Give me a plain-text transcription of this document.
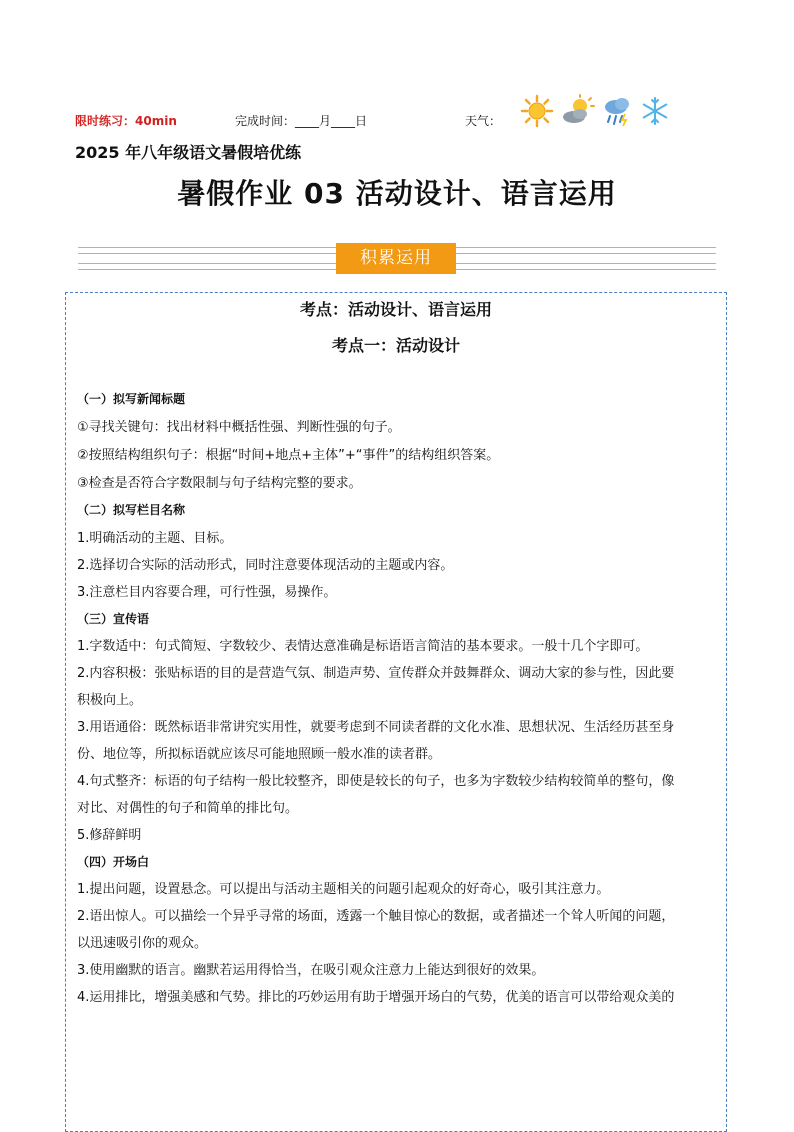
限时练习：40min	完成时间：____月____日	天气：
2025 年八年级语文暑假培优练
暑假作业 03 活动设计、语言运用
积累运用
考点：活动设计、语言运用
考点一：活动设计
（一）拟写新闻标题
①寻找关键句：找出材料中概括性强、判断性强的句子。
②按照结构组织句子：根据“时间+地点+主体”+“事件”的结构组织答案。
③检查是否符合字数限制与句子结构完整的要求。
（二）拟写栏目名称
1.明确活动的主题、目标。
2.选择切合实际的活动形式，同时注意要体现活动的主题或内容。
3.注意栏目内容要合理，可行性强，易操作。
（三）宣传语
1.字数适中：句式简短、字数较少、表情达意准确是标语语言简洁的基本要求。一般十几个字即可。
2.内容积极：张贴标语的目的是营造气氛、制造声势、宣传群众并鼓舞群众、调动大家的参与性，因此要
积极向上。
3.用语通俗：既然标语非常讲究实用性，就要考虑到不同读者群的文化水准、思想状况、生活经历甚至身
份、地位等，所拟标语就应该尽可能地照顾一般水准的读者群。
4.句式整齐：标语的句子结构一般比较整齐，即使是较长的句子，也多为字数较少结构较简单的整句，像
对比、对偶性的句子和简单的排比句。
5.修辞鲜明
（四）开场白
1.提出问题，设置悬念。可以提出与活动主题相关的问题引起观众的好奇心，吸引其注意力。
2.语出惊人。可以描绘一个异乎寻常的场面，透露一个触目惊心的数据，或者描述一个耸人听闻的问题，
以迅速吸引你的观众。
3.使用幽默的语言。幽默若运用得恰当，在吸引观众注意力上能达到很好的效果。
4.运用排比，增强美感和气势。排比的巧妙运用有助于增强开场白的气势，优美的语言可以带给观众美的
